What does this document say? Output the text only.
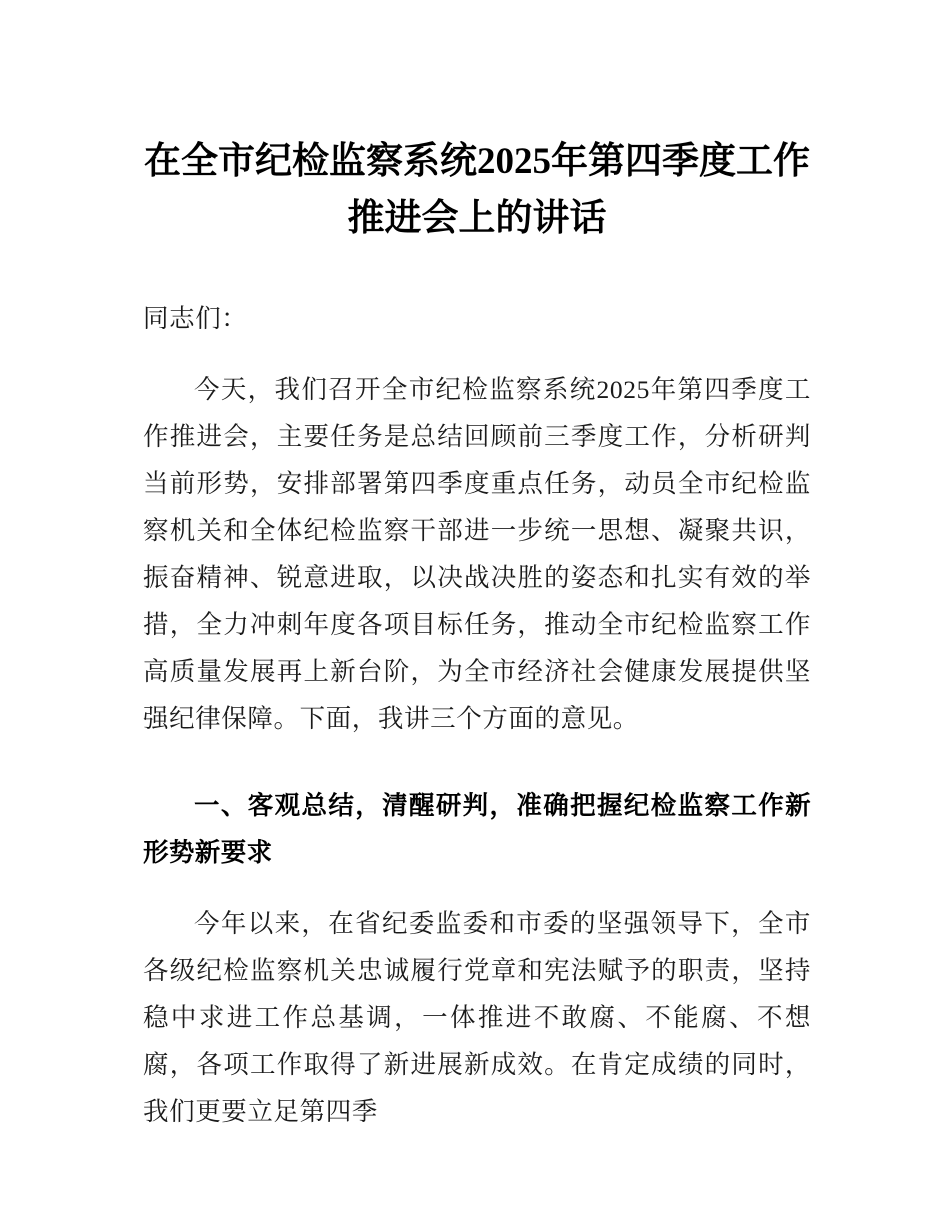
在全市纪检监察系统2025年第四季度工作推进会上的讲话
同志们：
今天，我们召开全市纪检监察系统2025年第四季度工作推进会，主要任务是总结回顾前三季度工作，分析研判当前形势，安排部署第四季度重点任务，动员全市纪检监察机关和全体纪检监察干部进一步统一思想、凝聚共识，振奋精神、锐意进取，以决战决胜的姿态和扎实有效的举措，全力冲刺年度各项目标任务，推动全市纪检监察工作高质量发展再上新台阶，为全市经济社会健康发展提供坚强纪律保障。下面，我讲三个方面的意见。
一、客观总结，清醒研判，准确把握纪检监察工作新形势新要求
今年以来，在省纪委监委和市委的坚强领导下，全市各级纪检监察机关忠诚履行党章和宪法赋予的职责，坚持稳中求进工作总基调，一体推进不敢腐、不能腐、不想腐，各项工作取得了新进展新成效。在肯定成绩的同时，我们更要立足第四季
